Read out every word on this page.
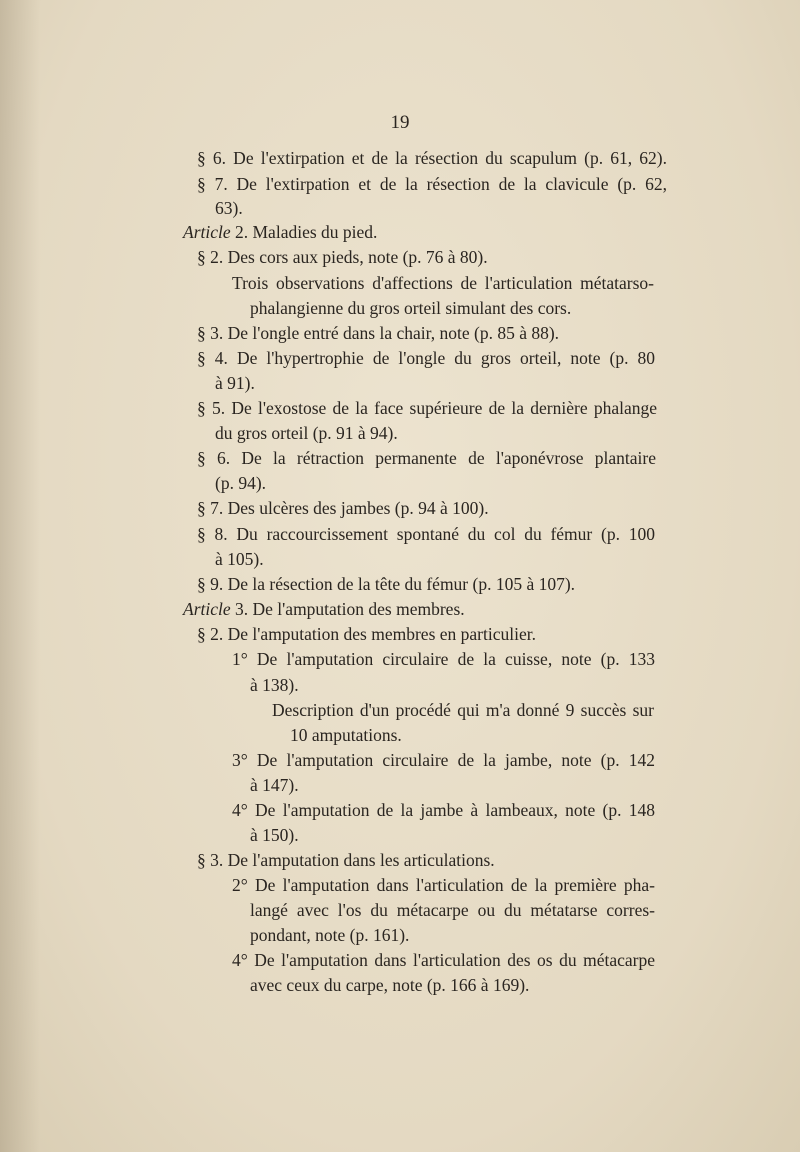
19
§ 6. De l'extirpation et de la résection du scapulum (p. 61, 62).
§ 7. De l'extirpation et de la résection de la clavicule (p. 62,
63).
Article 2. Maladies du pied.
§ 2. Des cors aux pieds, note (p. 76 à 80).
Trois observations d'affections de l'articulation métatarso-
phalangienne du gros orteil simulant des cors.
§ 3. De l'ongle entré dans la chair, note (p. 85 à 88).
§ 4. De l'hypertrophie de l'ongle du gros orteil, note (p. 80
à 91).
§ 5. De l'exostose de la face supérieure de la dernière phalange
du gros orteil (p. 91 à 94).
§ 6. De la rétraction permanente de l'aponévrose plantaire
(p. 94).
§ 7. Des ulcères des jambes (p. 94 à 100).
§ 8. Du raccourcissement spontané du col du fémur (p. 100
à 105).
§ 9. De la résection de la tête du fémur (p. 105 à 107).
Article 3. De l'amputation des membres.
§ 2. De l'amputation des membres en particulier.
1° De l'amputation circulaire de la cuisse, note (p. 133
à 138).
Description d'un procédé qui m'a donné 9 succès sur
10 amputations.
3° De l'amputation circulaire de la jambe, note (p. 142
à 147).
4° De l'amputation de la jambe à lambeaux, note (p. 148
à 150).
§ 3. De l'amputation dans les articulations.
2° De l'amputation dans l'articulation de la première pha-
langé avec l'os du métacarpe ou du métatarse corres-
pondant, note (p. 161).
4° De l'amputation dans l'articulation des os du métacarpe
avec ceux du carpe, note (p. 166 à 169).
